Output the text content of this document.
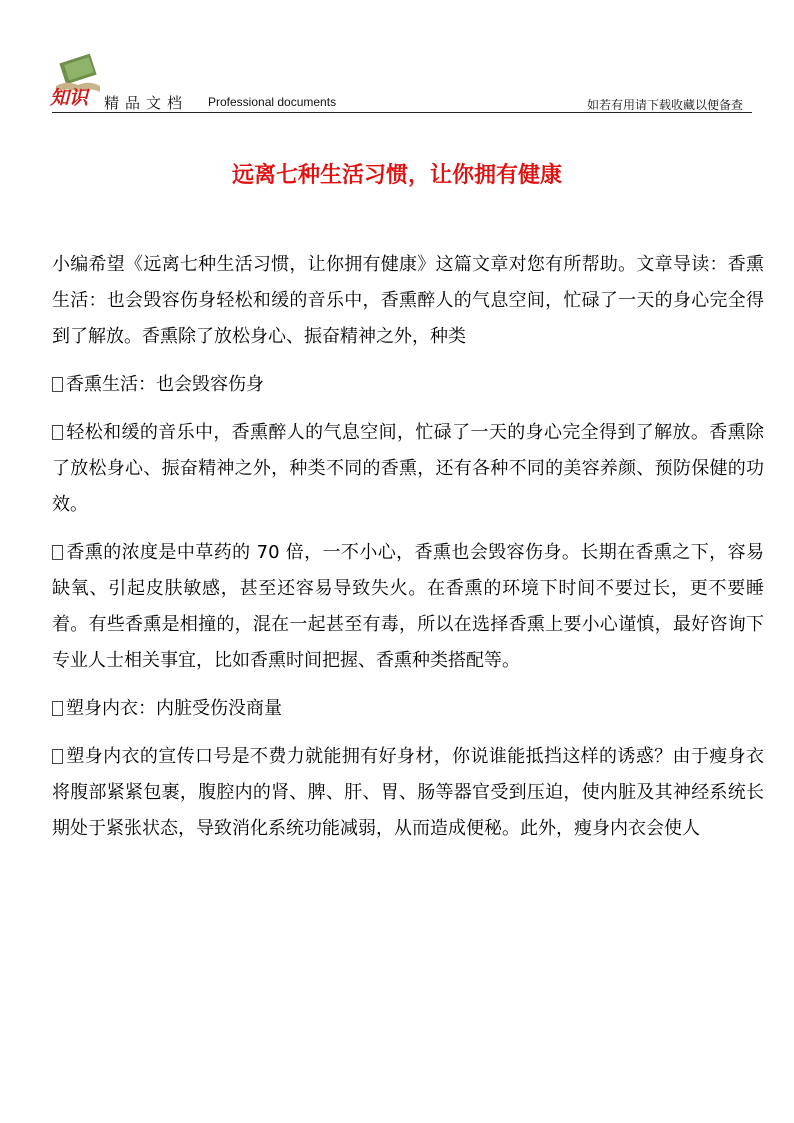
知识 精品文档 Professional documents	如若有用请下载收藏以便备查
远离七种生活习惯，让你拥有健康

小编希望《远离七种生活习惯，让你拥有健康》这篇文章对您有所帮助。文章导读：香熏生活：也会毁容伤身轻松和缓的音乐中，香熏醉人的气息空间，忙碌了一天的身心完全得到了解放。香熏除了放松身心、振奋精神之外，种类

香熏生活：也会毁容伤身

轻松和缓的音乐中，香熏醉人的气息空间，忙碌了一天的身心完全得到了解放。香熏除了放松身心、振奋精神之外，种类不同的香熏，还有各种不同的美容养颜、预防保健的功效。

香熏的浓度是中草药的 70 倍，一不小心，香熏也会毁容伤身。长期在香熏之下，容易缺氧、引起皮肤敏感，甚至还容易导致失火。在香熏的环境下时间不要过长，更不要睡着。有些香熏是相撞的，混在一起甚至有毒，所以在选择香熏上要小心谨慎，最好咨询下专业人士相关事宜，比如香熏时间把握、香熏种类搭配等。

塑身内衣：内脏受伤没商量

塑身内衣的宣传口号是不费力就能拥有好身材，你说谁能抵挡这样的诱惑？由于瘦身衣将腹部紧紧包裹，腹腔内的肾、脾、肝、胃、肠等器官受到压迫，使内脏及其神经系统长期处于紧张状态，导致消化系统功能减弱，从而造成便秘。此外，瘦身内衣会使人
